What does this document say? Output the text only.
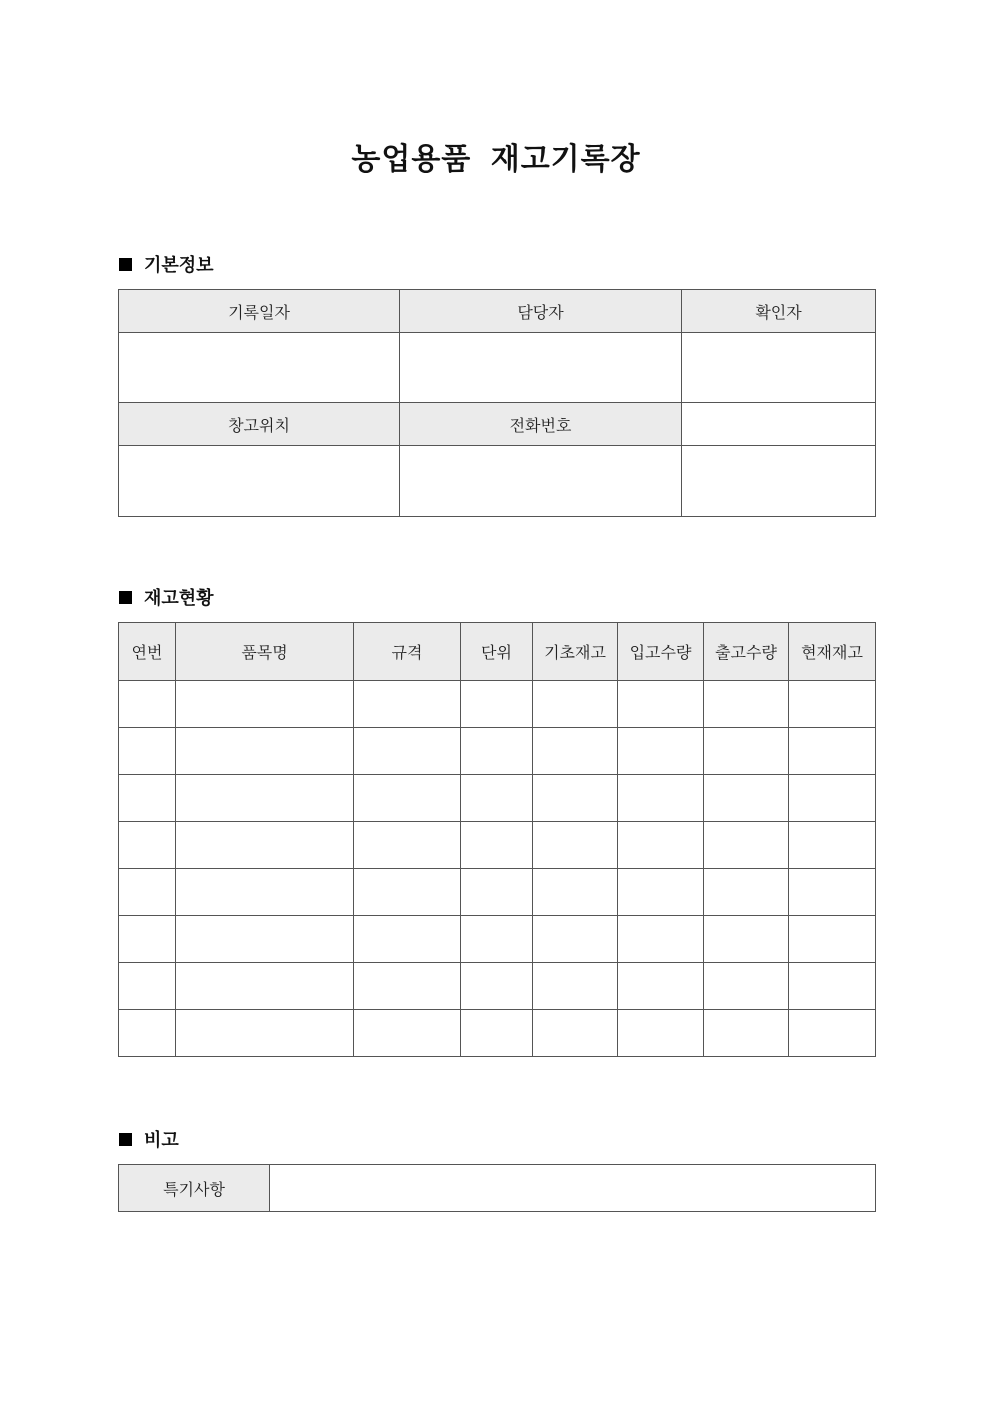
농업용품 재고기록장
기본정보
기록일자	담당자	확인자

창고위치	전화번호	

재고현황
연번	품목명	규격	단위	기초재고	입고수량	출고수량	현재재고

비고
특기사항	
